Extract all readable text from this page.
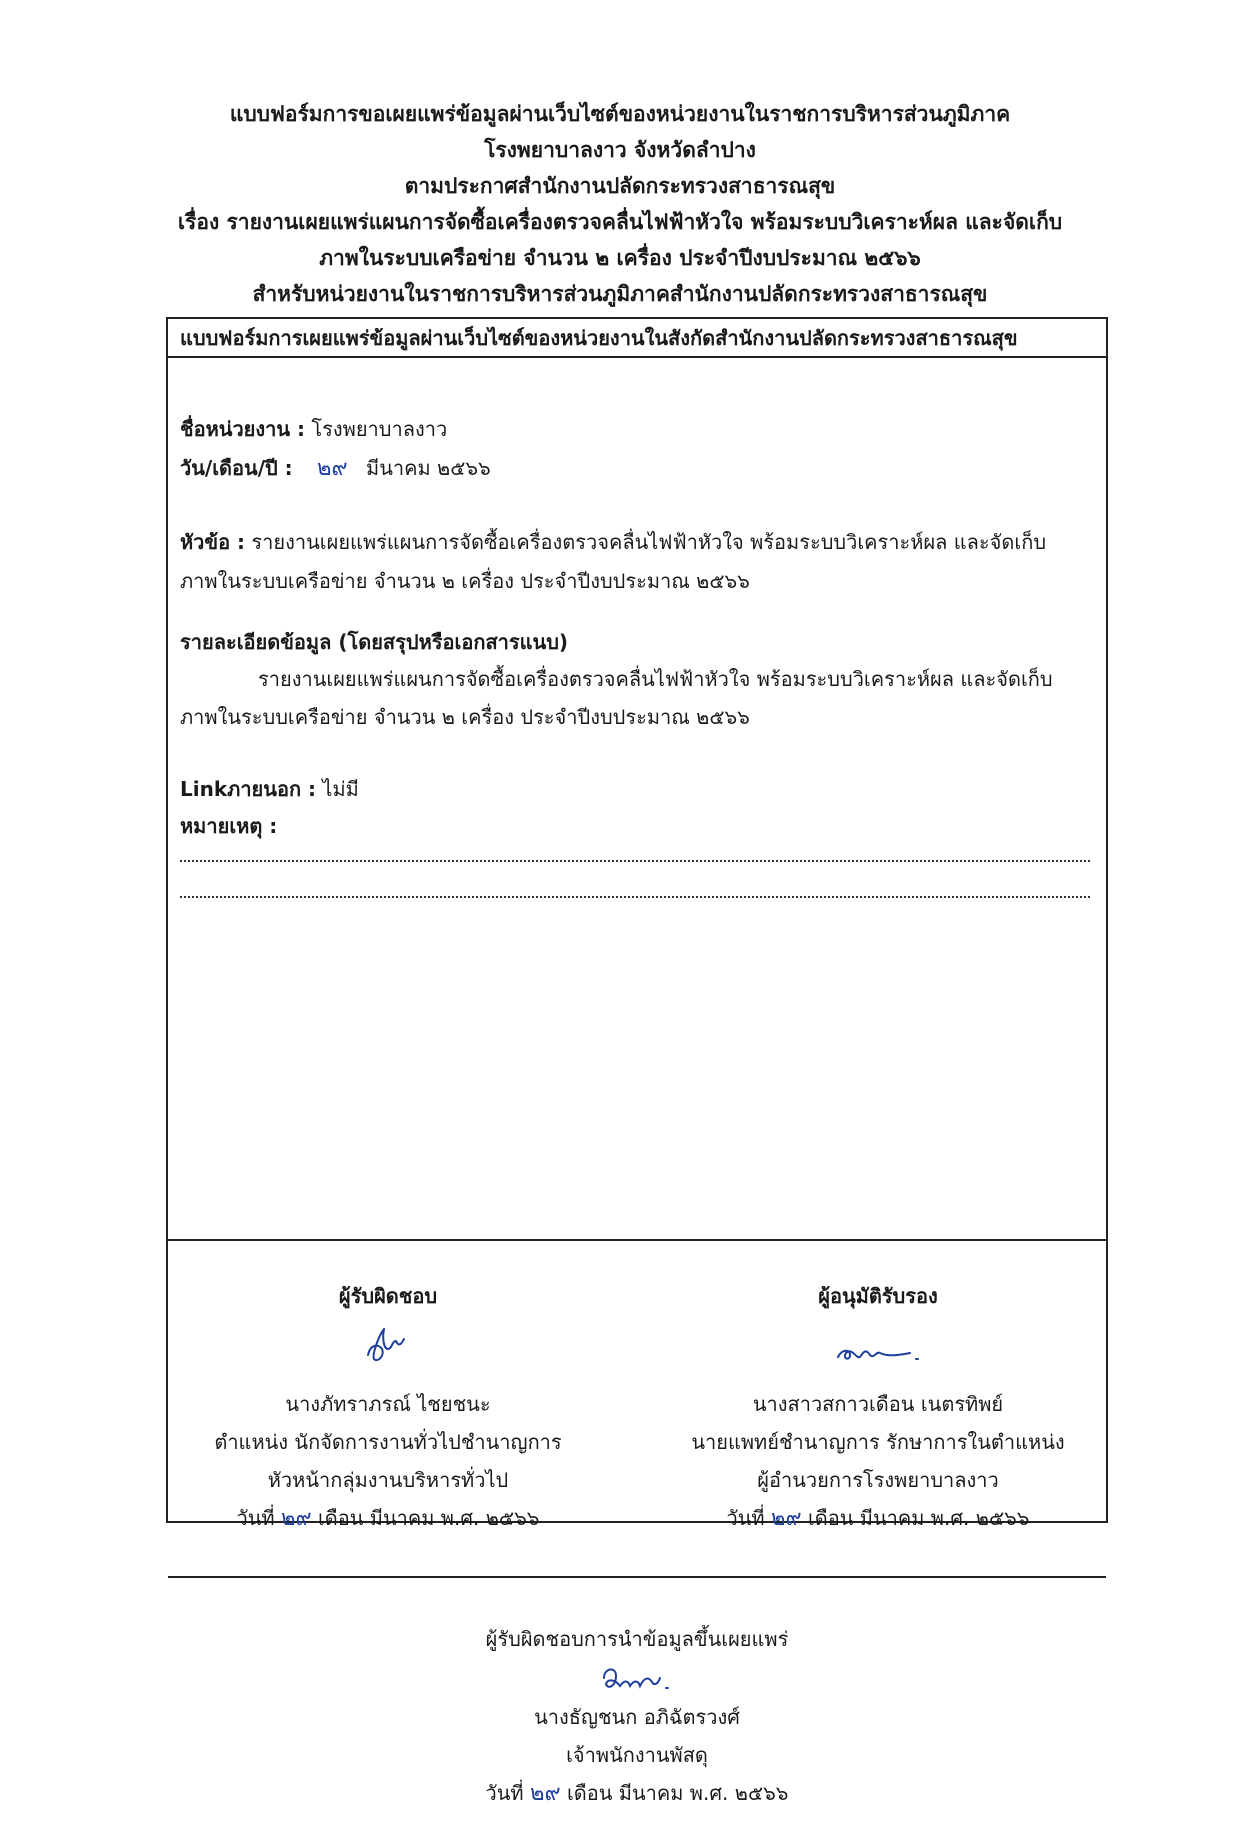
แบบฟอร์มการขอเผยแพร่ข้อมูลผ่านเว็บไซต์ของหน่วยงานในราชการบริหารส่วนภูมิภาค
โรงพยาบาลงาว จังหวัดลำปาง
ตามประกาศสำนักงานปลัดกระทรวงสาธารณสุข
เรื่อง รายงานเผยแพร่แผนการจัดซื้อเครื่องตรวจคลื่นไฟฟ้าหัวใจ พร้อมระบบวิเคราะห์ผล และจัดเก็บ
ภาพในระบบเครือข่าย จำนวน ๒ เครื่อง ประจำปีงบประมาณ ๒๕๖๖
สำหรับหน่วยงานในราชการบริหารส่วนภูมิภาคสำนักงานปลัดกระทรวงสาธารณสุข
แบบฟอร์มการเผยแพร่ข้อมูลผ่านเว็บไซต์ของหน่วยงานในสังกัดสำนักงานปลัดกระทรวงสาธารณสุข
ชื่อหน่วยงาน : โรงพยาบาลงาว
วัน/เดือน/ปี : ๒๙ มีนาคม ๒๕๖๖
หัวข้อ : รายงานเผยแพร่แผนการจัดซื้อเครื่องตรวจคลื่นไฟฟ้าหัวใจ พร้อมระบบวิเคราะห์ผล และจัดเก็บ
ภาพในระบบเครือข่าย จำนวน ๒ เครื่อง ประจำปีงบประมาณ ๒๕๖๖
รายละเอียดข้อมูล (โดยสรุปหรือเอกสารแนบ)
รายงานเผยแพร่แผนการจัดซื้อเครื่องตรวจคลื่นไฟฟ้าหัวใจ พร้อมระบบวิเคราะห์ผล และจัดเก็บ
ภาพในระบบเครือข่าย จำนวน ๒ เครื่อง ประจำปีงบประมาณ ๒๕๖๖
Linkภายนอก : ไม่มี
หมายเหตุ :
ผู้รับผิดชอบ
นางภัทราภรณ์ ไชยชนะ
ตำแหน่ง นักจัดการงานทั่วไปชำนาญการ
หัวหน้ากลุ่มงานบริหารทั่วไป
วันที่ ๒๙ เดือน มีนาคม พ.ศ. ๒๕๖๖
ผู้อนุมัติรับรอง
นางสาวสกาวเดือน เนตรทิพย์
นายแพทย์ชำนาญการ รักษาการในตำแหน่ง
ผู้อำนวยการโรงพยาบาลงาว
วันที่ ๒๙ เดือน มีนาคม พ.ศ. ๒๕๖๖
ผู้รับผิดชอบการนำข้อมูลขึ้นเผยแพร่
นางธัญชนก อภิฉัตรวงศ์
เจ้าพนักงานพัสดุ
วันที่ ๒๙ เดือน มีนาคม พ.ศ. ๒๕๖๖
